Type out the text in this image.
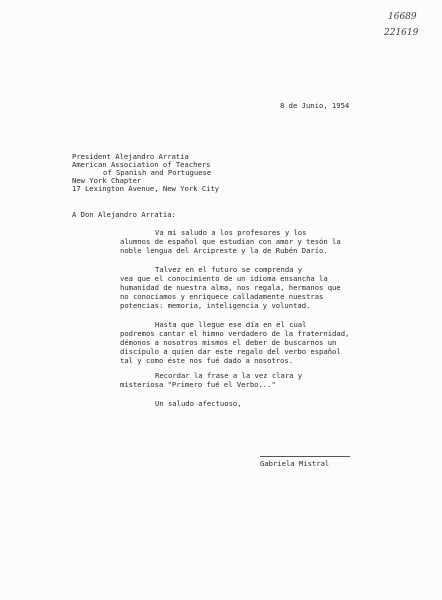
16689
221619
8 de Junio, 1954
President Alejandro Arratia
American Association of Teachers
of Spanish and Portuguese
New York Chapter
17 Lexington Avenue, New York City
A Don Alejandro Arratia:
Va mi saludo a los profesores y los
alumnos de español que estudian con amor y tesón la
noble lengua del Arcipreste y la de Rubén Darío.
Talvez en el futuro se comprenda y
vea que el conocimiento de un idioma ensancha la
humanidad de nuestra alma, nos regala, hermanos que
no conocíamos y enriquece calladamente nuestras
potencias: memoria, inteligencia y voluntad.
Hasta que llegue ese día en el cual
podremos cantar el himno verdadero de la fraternidad,
démonos a nosotros mismos el deber de buscarnos un
discípulo a quien dar este regalo del verbo español
tal y como éste nos fué dado a nosotros.
Recordar la frase a la vez clara y
misteriosa "Primero fué el Verbo..."
Un saludo afectuoso,
Gabriela Mistral
